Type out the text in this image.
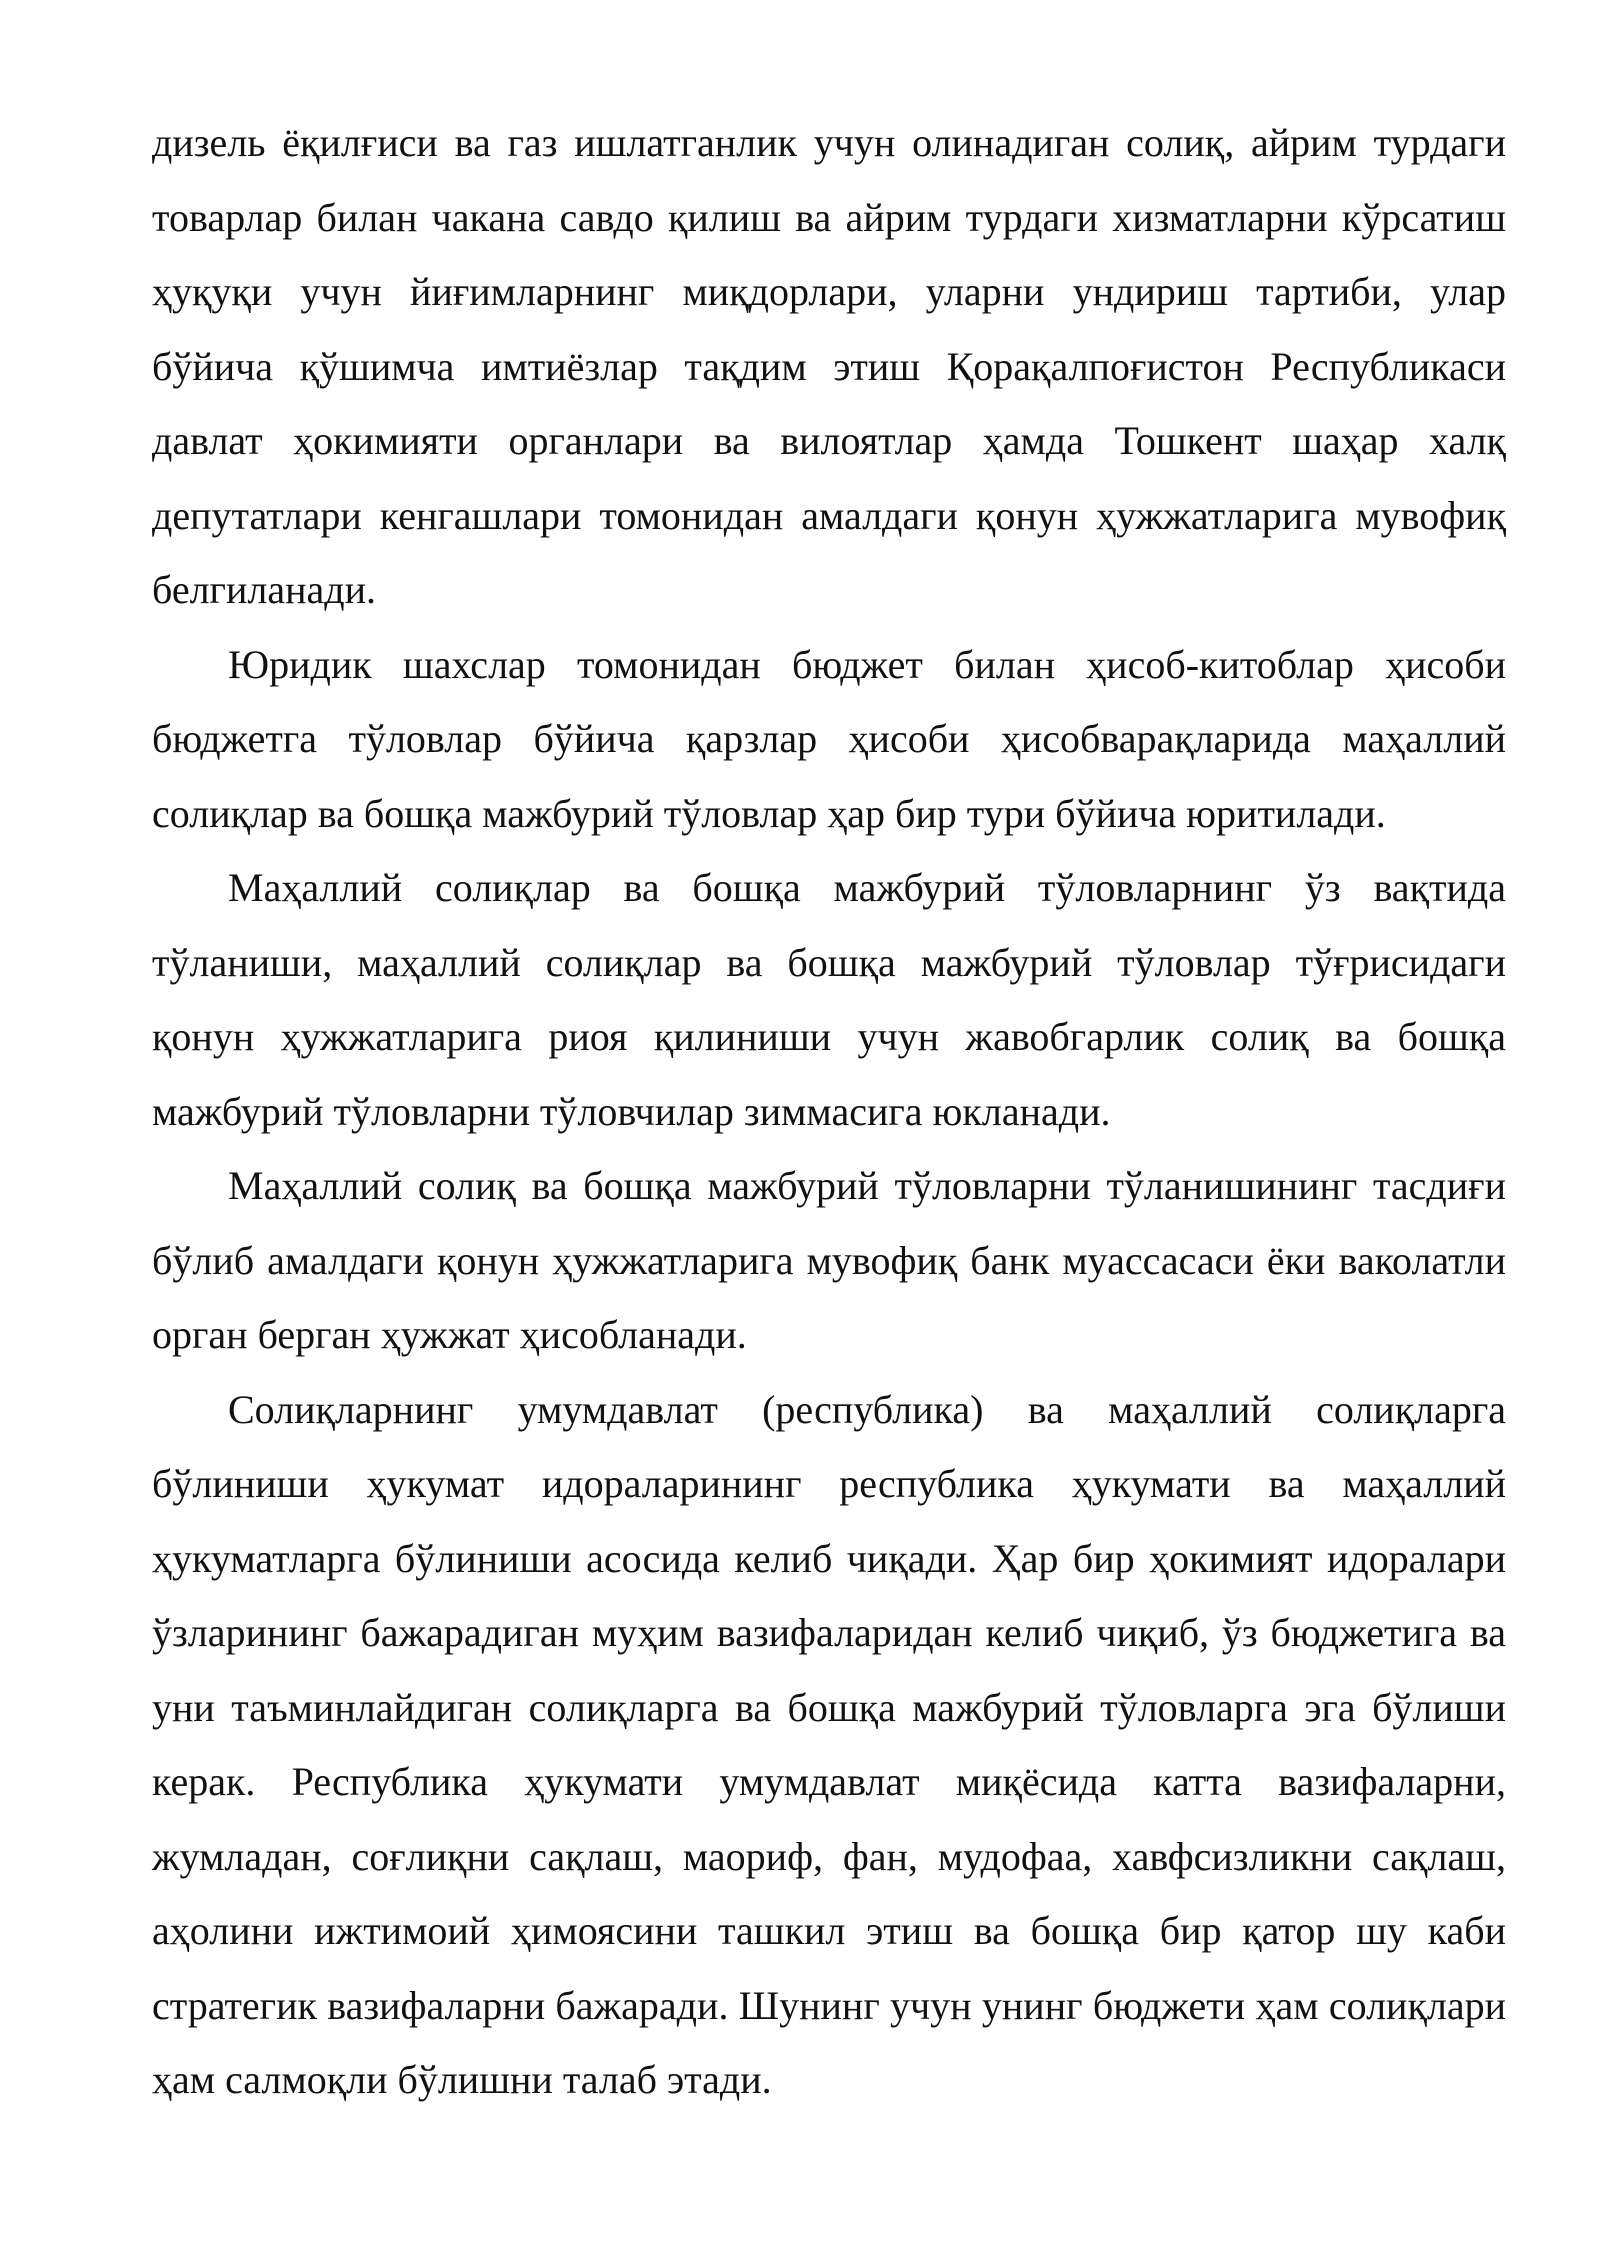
дизель ёқилғиси ва газ ишлатганлик учун олинадиган солиқ, айрим турдаги товарлар билан чакана савдо қилиш ва айрим турдаги хизматларни кўрсатиш ҳуқуқи учун йиғимларнинг миқдорлари, уларни ундириш тартиби, улар бўйича қўшимча имтиёзлар тақдим этиш Қорақалпоғистон Республикаси давлат ҳокимияти органлари ва вилоятлар ҳамда Тошкент шаҳар халқ депутатлари кенгашлари томонидан амалдаги қонун ҳужжатларига мувофиқ белгиланади.

Юридик шахслар томонидан бюджет билан ҳисоб-китоблар ҳисоби бюджетга тўловлар бўйича қарзлар ҳисоби ҳисобварақларида маҳаллий солиқлар ва бошқа мажбурий тўловлар ҳар бир тури бўйича юритилади.

Маҳаллий солиқлар ва бошқа мажбурий тўловларнинг ўз вақтида тўланиши, маҳаллий солиқлар ва бошқа мажбурий тўловлар тўғрисидаги қонун ҳужжатларига риоя қилиниши учун жавобгарлик солиқ ва бошқа мажбурий тўловларни тўловчилар зиммасига юкланади.

Маҳаллий солиқ ва бошқа мажбурий тўловларни тўланишининг тасдиғи бўлиб амалдаги қонун ҳужжатларига мувофиқ банк муассасаси ёки ваколатли орган берган ҳужжат ҳисобланади.

Солиқларнинг умумдавлат (республика) ва маҳаллий солиқларга бўлиниши ҳукумат идораларининг республика ҳукумати ва маҳаллий ҳукуматларга бўлиниши асосида келиб чиқади. Ҳар бир ҳокимият идоралари ўзларининг бажарадиган муҳим вазифаларидан келиб чиқиб, ўз бюджетига ва уни таъминлайдиган солиқларга ва бошқа мажбурий тўловларга эга бўлиши керак. Республика ҳукумати умумдавлат миқёсида катта вазифаларни, жумладан, соғлиқни сақлаш, маориф, фан, мудофаа, хавфсизликни сақлаш, аҳолини ижтимоий ҳимоясини ташкил этиш ва бошқа бир қатор шу каби стратегик вазифаларни бажаради. Шунинг учун унинг бюджети ҳам солиқлари ҳам салмоқли бўлишни талаб этади.
